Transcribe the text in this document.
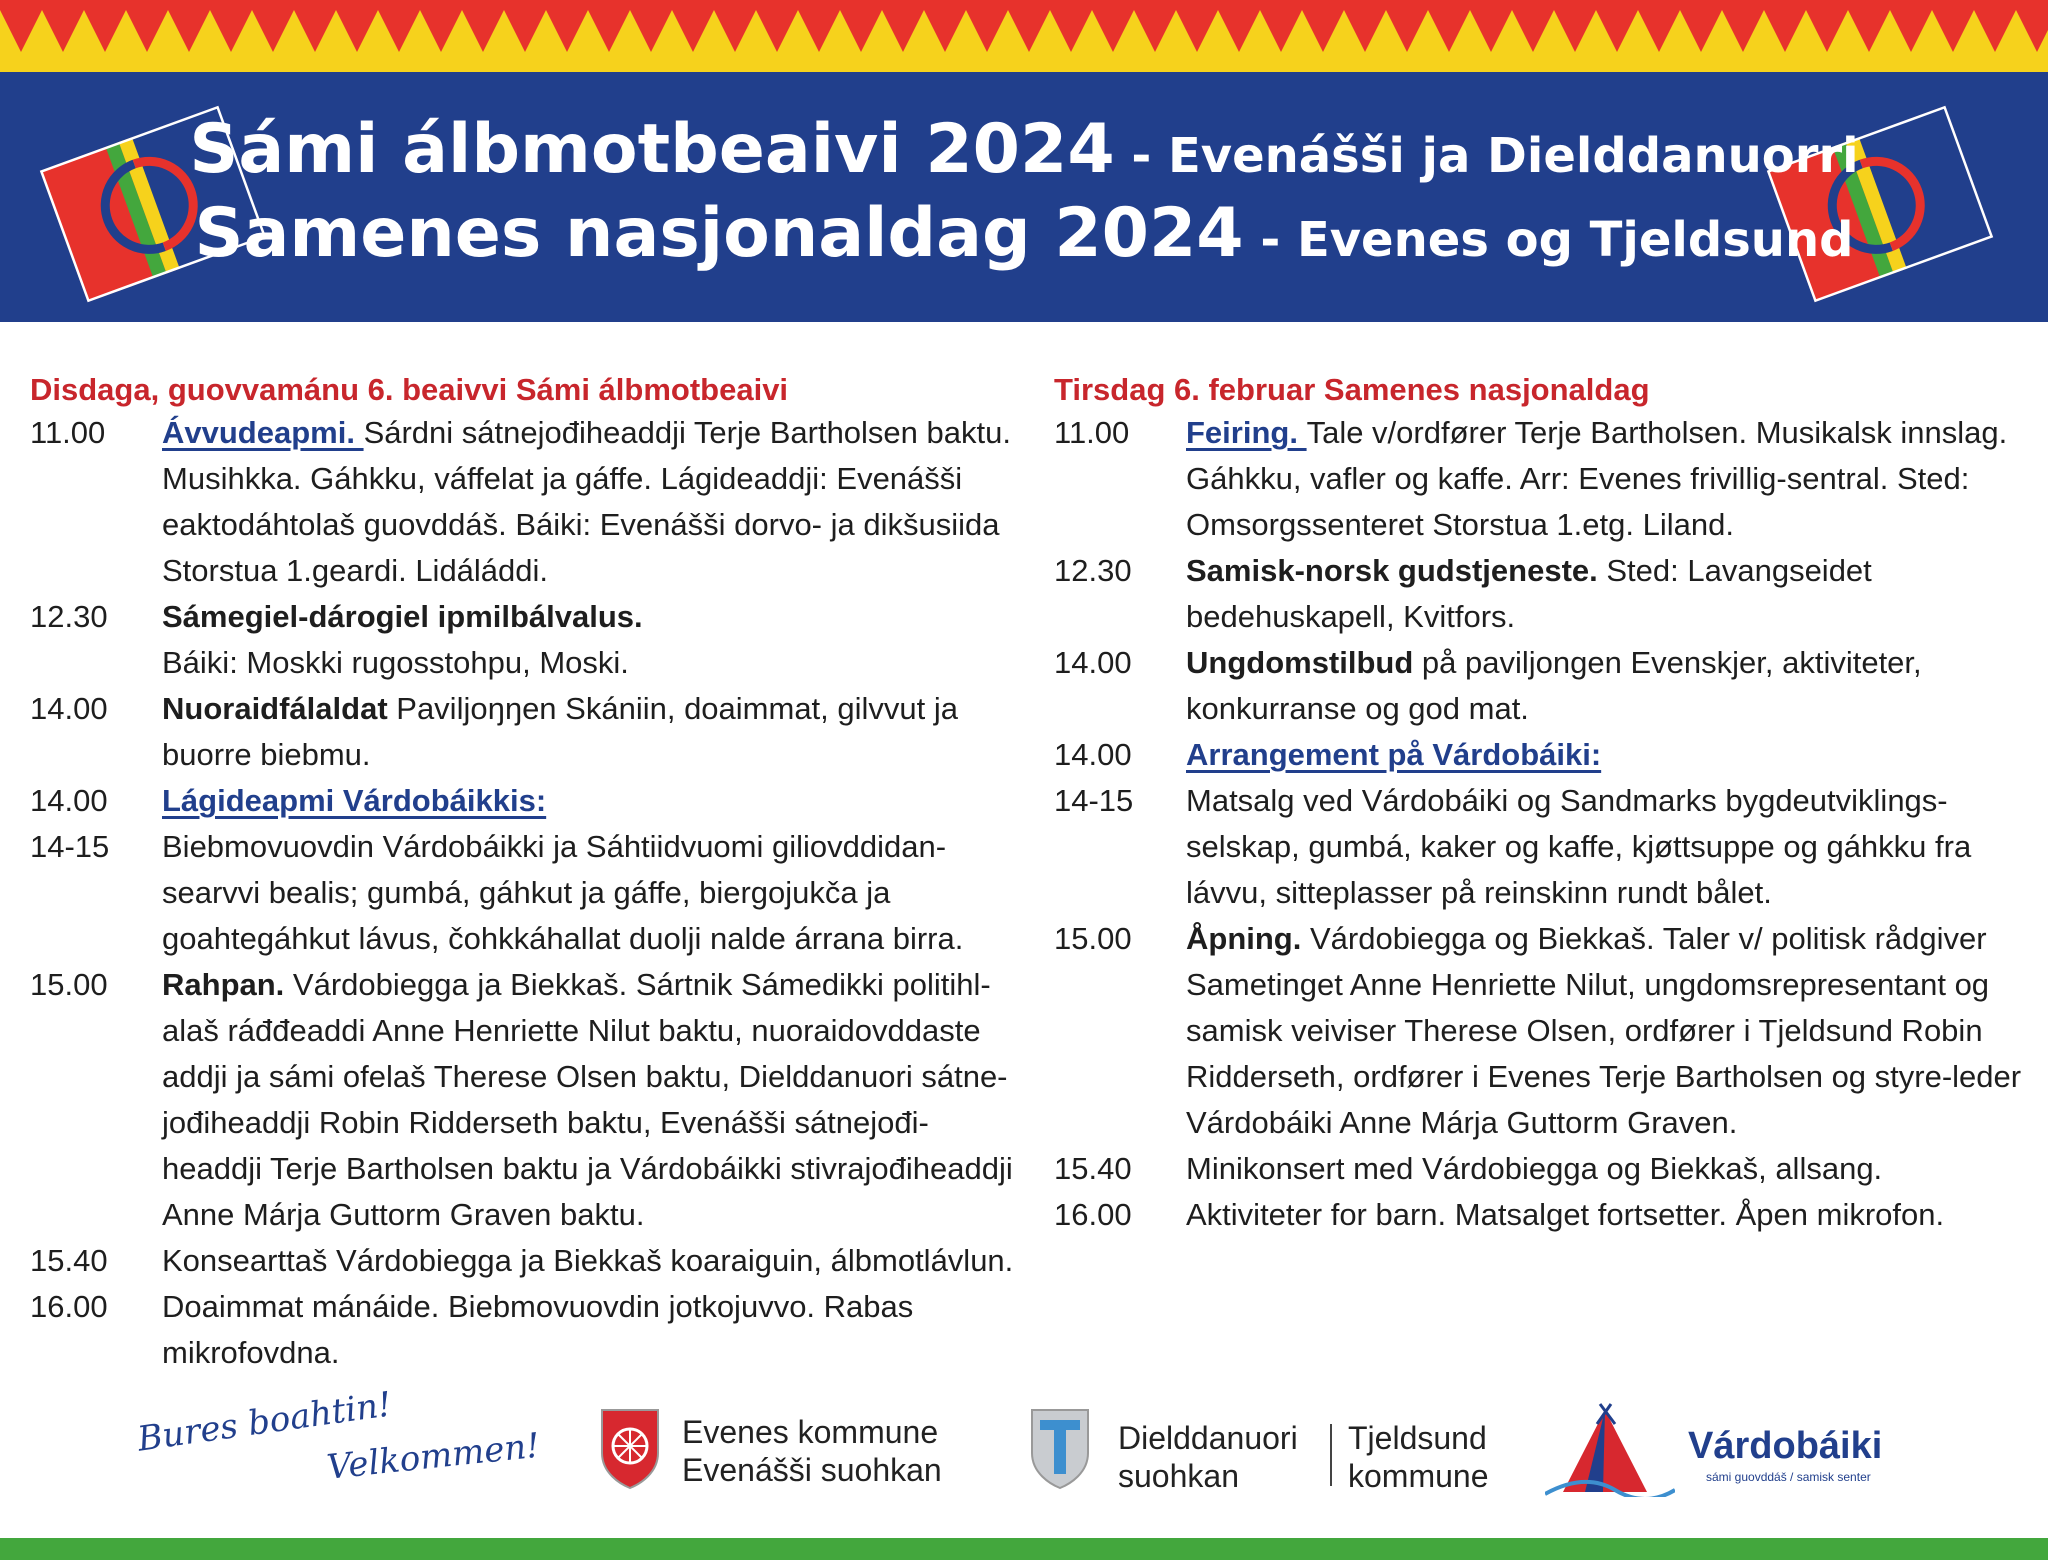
Sámi álbmotbeaivi 2024 - Evenášši ja Dielddanuorri
Samenes nasjonaldag 2024 - Evenes og Tjeldsund
Disdaga, guovvamánu 6. beaivvi Sámi álbmotbeaivi
11.00	Ávvudeapmi. Sárdni sátnejođiheaddji Terje Bartholsen baktu. Musihkka. Gáhkku, váffelat ja gáffe. Lágideaddji: Evenášši eaktodáhtolaš guovddáš. Báiki: Evenášši dorvo- ja dikšusiida Storstua 1.geardi. Lidáláddi.
12.30	Sámegiel-dárogiel ipmilbálvalus.
Báiki: Moskki rugosstohpu, Moski.
14.00	Nuoraidfálaldat Paviljoŋŋen Skániin, doaimmat, gilvvut ja buorre biebmu.
14.00	Lágideapmi Várdobáikkis:
14-15	Biebmovuovdin Várdobáikki ja Sáhtiidvuomi giliovddidan-searvvi bealis; gumbá, gáhkut ja gáffe, biergojukča ja goahtegáhkut lávus, čohkkáhallat duolji nalde árrana birra.
15.00	Rahpan. Várdobiegga ja Biekkaš. Sártnik Sámedikki politihl-alaš ráđđeaddi Anne Henriette Nilut baktu, nuoraidovddaste addji ja sámi ofelaš Therese Olsen baktu, Dielddanuori sátne-jođiheaddji Robin Ridderseth baktu, Evenášši sátnejođi-headdji Terje Bartholsen baktu ja Várdobáikki stivrajođiheaddji Anne Márja Guttorm Graven baktu.
15.40	Konsearttaš Várdobiegga ja Biekkaš koaraiguin, álbmotlávlun.
16.00	Doaimmat mánáide. Biebmovuovdin jotkojuvvo. Rabas mikrofovdna.
Tirsdag 6. februar Samenes nasjonaldag
11.00	Feiring. Tale v/ordfører Terje Bartholsen. Musikalsk innslag. Gáhkku, vafler og kaffe. Arr: Evenes frivillig-sentral. Sted: Omsorgssenteret Storstua 1.etg. Liland.
12.30	Samisk-norsk gudstjeneste. Sted: Lavangseidet bedehuskapell, Kvitfors.
14.00	Ungdomstilbud på paviljongen Evenskjer, aktiviteter, konkurranse og god mat.
14.00	Arrangement på Várdobáiki:
14-15	Matsalg ved Várdobáiki og Sandmarks bygdeutviklings-selskap, gumbá, kaker og kaffe, kjøttsuppe og gáhkku fra lávvu, sitteplasser på reinskinn rundt bålet.
15.00	Åpning. Várdobiegga og Biekkaš. Taler v/ politisk rådgiver Sametinget Anne Henriette Nilut, ungdomsrepresentant og samisk veiviser Therese Olsen, ordfører i Tjeldsund Robin Ridderseth, ordfører i Evenes Terje Bartholsen og styre-leder Várdobáiki Anne Márja Guttorm Graven.
15.40	Minikonsert med Várdobiegga og Biekkaš, allsang.
16.00	Aktiviteter for barn. Matsalget fortsetter. Åpen mikrofon.
Bures boahtin!
Velkommen!	Evenes kommune
Evenášši suohkan
Dielddanuori
suohkan
Tjeldsund
kommune
Várdobáiki
sámi guovddáš / samisk senter
